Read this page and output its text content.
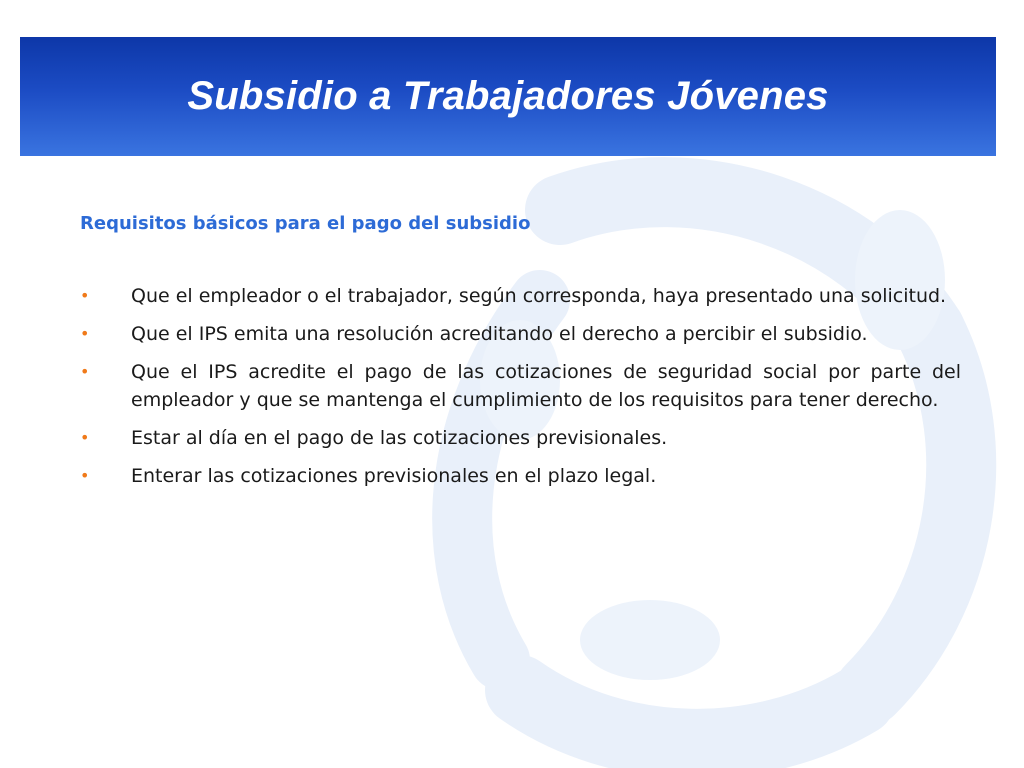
Subsidio a Trabajadores Jóvenes

Requisitos básicos para el pago del subsidio

• Que el empleador o el trabajador, según corresponda, haya presentado una solicitud.
• Que el IPS emita una resolución acreditando el derecho a percibir el subsidio.
• Que el IPS acredite el pago de las cotizaciones de seguridad social por parte del empleador y que se mantenga el cumplimiento de los requisitos para tener derecho.
• Estar al día en el pago de las cotizaciones previsionales.
• Enterar las cotizaciones previsionales en el plazo legal.
